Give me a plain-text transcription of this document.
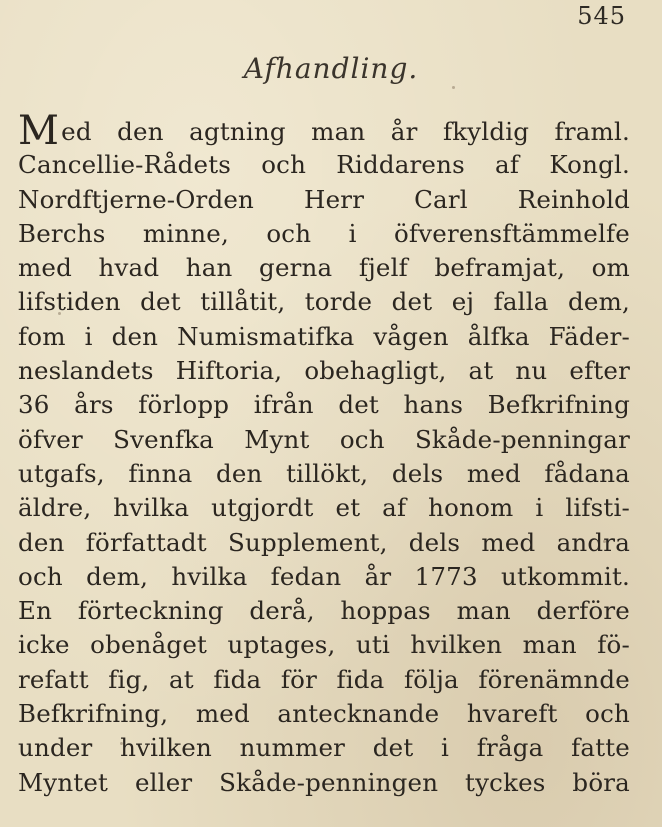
545
Afhandling.
Med den agtning man år fkyldig framl.
Cancellie-Rådets och Riddarens af Kongl.
Nordftjerne-Orden Herr Carl Reinhold
Berchs minne, och i öfverensftämmelfe
med hvad han gerna fjelf beframjat, om
lifstiden det tillåtit, torde det ej falla dem,
fom i den Numismatifka vågen ålfka Fäder-
neslandets Hiftoria, obehagligt, at nu efter
36 års förlopp ifrån det hans Befkrifning
öfver Svenfka Mynt och Skåde-penningar
utgafs, finna den tillökt, dels med fådana
äldre, hvilka utgjordt et af honom i lifsti-
den författadt Supplement, dels med andra
och dem, hvilka fedan år 1773 utkommit.
En förteckning derå, hoppas man derföre
icke obenåget uptages, uti hvilken man fö-
refatt fig, at fida för fida följa förenämnde
Befkrifning, med antecknande hvareft och
under hvilken nummer det i fråga fatte
Myntet eller Skåde-penningen tyckes böra
